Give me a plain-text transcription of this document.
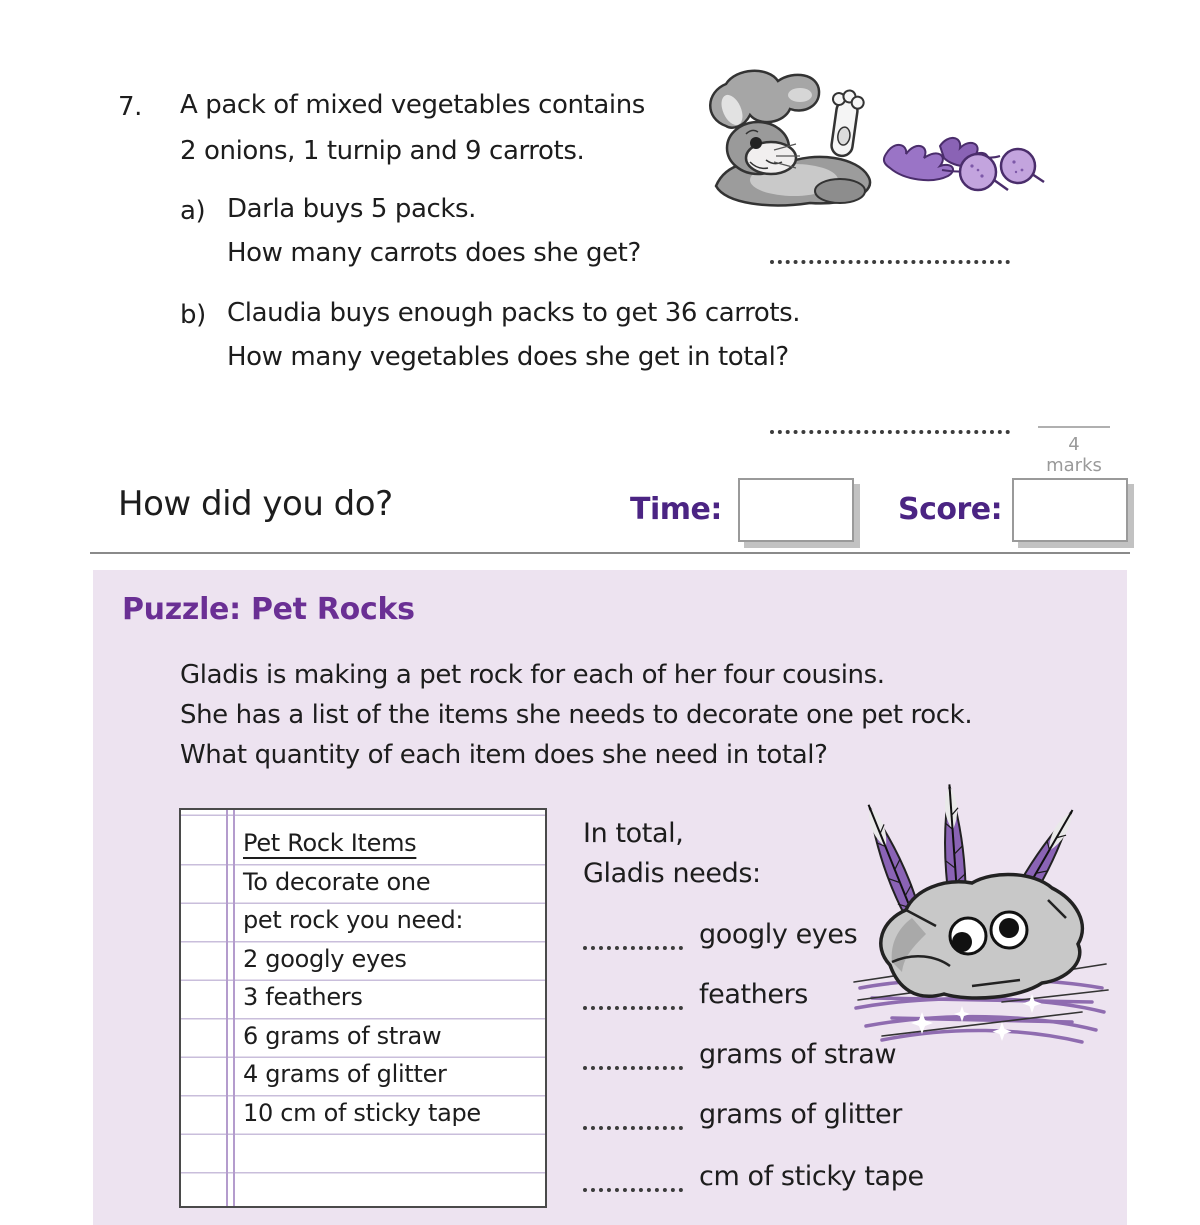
7. A pack of mixed vegetables contains
2 onions, 1 turnip and 9 carrots.
a) Darla buys 5 packs.
How many carrots does she get?
b) Claudia buys enough packs to get 36 carrots.
How many vegetables does she get in total?
4 marks
How did you do?	Time:	Score:
Puzzle: Pet Rocks
Gladis is making a pet rock for each of her four cousins.
She has a list of the items she needs to decorate one pet rock.
What quantity of each item does she need in total?
Pet Rock Items
To decorate one
pet rock you need:
2 googly eyes
3 feathers
6 grams of straw
4 grams of glitter
10 cm of sticky tape
In total,
Gladis needs:
googly eyes
feathers
grams of straw
grams of glitter
cm of sticky tape
